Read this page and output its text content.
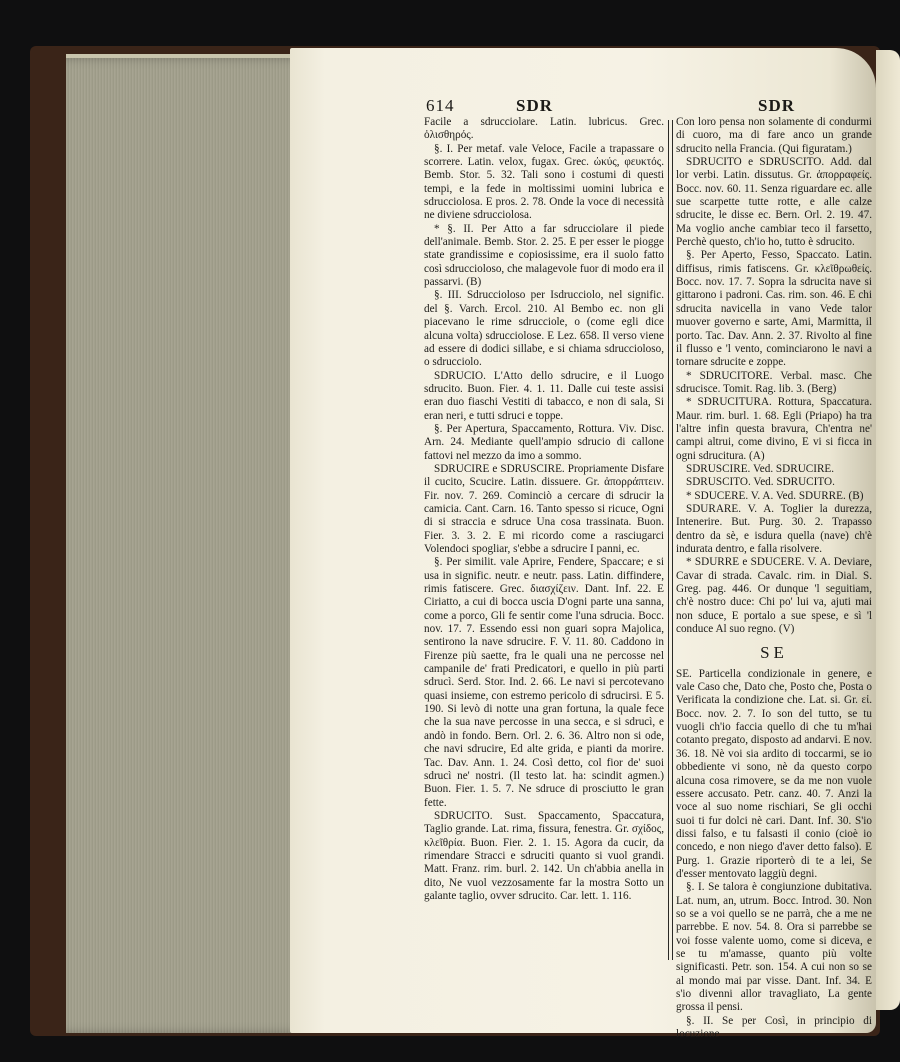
614	SDR	SDR

Facile a sdrucciolare. Latin. lubricus. Grec. ὀλισθηρός.

§. I. Per metaf. vale Veloce, Facile a trapassare o scorrere. Latin. velox, fugax. Grec. ὠκύς, φευκτός. Bemb. Stor. 5. 32. Tali sono i costumi di questi tempi, e la fede in moltissimi uomini lubrica e sdrucciolosa. E pros. 2. 78. Onde la voce di necessità ne diviene sdrucciolosa.

* §. II. Per Atto a far sdrucciolare il piede dell'animale. Bemb. Stor. 2. 25. E per esser le piogge state grandissime e copiosissime, era il suolo fatto così sdruccioloso, che malagevole fuor di modo era il passarvi. (B)

§. III. Sdruccioloso per Isdrucciolo, nel signific. del §. Varch. Ercol. 210. Al Bembo ec. non gli piacevano le rime sdrucciole, o (come egli dice alcuna volta) sdrucciolose. E Lez. 658. Il verso viene ad essere di dodici sillabe, e si chiama sdruccioloso, o sdrucciolo.

SDRUCIO. L'Atto dello sdrucire, e il Luogo sdrucito. Buon. Fier. 4. 1. 11. Dalle cui teste assisi eran duo fiaschi Vestiti di tabacco, e non di sala, Si eran neri, e tutti sdruci e toppe.

§. Per Apertura, Spaccamento, Rottura. Viv. Disc. Arn. 24. Mediante quell'ampio sdrucio di callone fattovi nel mezzo da imo a sommo.

SDRUCIRE e SDRUSCIRE. Propriamente Disfare il cucito, Scucire. Latin. dissuere. Gr. ἀπορράπτειν. Fir. nov. 7. 269. Cominciò a cercare di sdrucir la camicia. Cant. Carn. 16. Tanto spesso si ricuce, Ogni di si straccia e sdruce Una cosa trassinata. Buon. Fier. 3. 3. 2. E mi ricordo come a rasciugarci Volendoci spogliar, s'ebbe a sdrucire I panni, ec.

§. Per similit. vale Aprire, Fendere, Spaccare; e si usa in signific. neutr. e neutr. pass. Latin. diffindere, rimis fatiscere. Grec. διασχίζειν. Dant. Inf. 22. E Ciriatto, a cui di bocca uscia D'ogni parte una sanna, come a porco, Gli fe sentir come l'una sdrucia. Bocc. nov. 17. 7. Essendo essi non guari sopra Majolica, sentirono la nave sdrucire. F. V. 11. 80. Caddono in Firenze più saette, fra le quali una ne percosse nel campanile de' frati Predicatori, e quello in più parti sdrucì. Serd. Stor. Ind. 2. 66. Le navi si percotevano quasi insieme, con estremo pericolo di sdrucirsi. E 5. 190. Si levò di notte una gran fortuna, la quale fece che la sua nave percosse in una secca, e si sdrucì, e andò in fondo. Bern. Orl. 2. 6. 36. Altro non si ode, che navi sdrucire, Ed alte grida, e pianti da morire. Tac. Dav. Ann. 1. 24. Così detto, col fior de' suoi sdrucì ne' nostri. (Il testo lat. ha: scindit agmen.) Buon. Fier. 1. 5. 7. Ne sdruce di prosciutto le gran fette.

SDRUCITO. Sust. Spaccamento, Spaccatura, Taglio grande. Lat. rima, fissura, fenestra. Gr. σχίδος, κλεῖθρία. Buon. Fier. 2. 1. 15. Agora da cucir, da rimendare Stracci e sdruciti quanto si vuol grandi. Matt. Franz. rim. burl. 2. 142. Un ch'abbia anella in dito, Ne vuol vezzosamente far la mostra Sotto un galante taglio, ovver sdrucito. Car. lett. 1. 116.

Con loro pensa non solamente di condurmi di cuoro, ma di fare anco un grande sdrucito nella Francia. (Qui figuratam.)

SDRUCITO e SDRUSCITO. Add. dal lor verbi. Latin. dissutus. Gr. ἀπορραφείς. Bocc. nov. 60. 11. Senza riguardare ec. alle sue scarpette tutte rotte, e alle calze sdrucite, le disse ec. Bern. Orl. 2. 19. 47. Ma voglio anche cambiar teco il farsetto, Perchè questo, ch'io ho, tutto è sdrucito.

§. Per Aperto, Fesso, Spaccato. Latin. diffisus, rimis fatiscens. Gr. κλεῖθρωθείς. Bocc. nov. 17. 7. Sopra la sdrucita nave si gittarono i padroni. Cas. rim. son. 46. E chi sdrucita navicella in vano Vede talor muover governo e sarte, Ami, Marmitta, il porto. Tac. Dav. Ann. 2. 37. Rivolto al fine il flusso e 'l vento, cominciarono le navi a tornare sdrucite e zoppe.

* SDRUCITORE. Verbal. masc. Che sdrucisce. Tomit. Rag. lib. 3. (Berg)

* SDRUCITURA. Rottura, Spaccatura. Maur. rim. burl. 1. 68. Egli (Priapo) ha tra l'altre infin questa bravura, Ch'entra ne' campi altrui, come divino, E vi si ficca in ogni sdrucitura. (A)

SDRUSCIRE. Ved. SDRUCIRE.

SDRUSCITO. Ved. SDRUCITO.

* SDUCERE. V. A. Ved. SDURRE. (B)

SDURARE. V. A. Toglier la durezza, Intenerire. But. Purg. 30. 2. Trapasso dentro da sè, e isdura quella (nave) ch'è indurata dentro, e falla risolvere.

* SDURRE e SDUCERE. V. A. Deviare, Cavar di strada. Cavalc. rim. in Dial. S. Greg. pag. 446. Or dunque 'l seguitiam, ch'è nostro duce: Chi po' lui va, ajuti mai non sduce, E portalo a sue spese, e sì 'l conduce Al suo regno. (V)

SE

SE. Particella condizionale in genere, e vale Caso che, Dato che, Posto che, Posta o Verificata la condizione che. Lat. si. Gr. εἰ. Bocc. nov. 2. 7. Io son del tutto, se tu vuogli ch'io faccia quello di che tu m'hai cotanto pregato, disposto ad andarvi. E nov. 36. 18. Nè voi sia ardito di toccarmi, se io obbediente vi sono, nè da questo corpo alcuna cosa rimovere, se da me non vuole essere accusato. Petr. canz. 40. 7. Anzi la voce al suo nome rischiari, Se gli occhi suoi ti fur dolci nè cari. Dant. Inf. 30. S'io dissi falso, e tu falsasti il conio (cioè io concedo, e non niego d'aver detto falso). E Purg. 1. Grazie riporterò di te a lei, Se d'esser mentovato laggiù degni.

§. I. Se talora è congiunzione dubitativa. Lat. num, an, utrum. Bocc. Introd. 30. Non so se a voi quello se ne parrà, che a me ne parrebbe. E nov. 54. 8. Ora si parrebbe se voi fosse valente uomo, come si diceva, e se tu m'amasse, quanto più volte significasti. Petr. son. 154. A cui non so se al mondo mai par visse. Dant. Inf. 34. E s'io divenni allor travagliato, La gente grossa il pensi.

§. II. Se per Così, in principio di locuzione
